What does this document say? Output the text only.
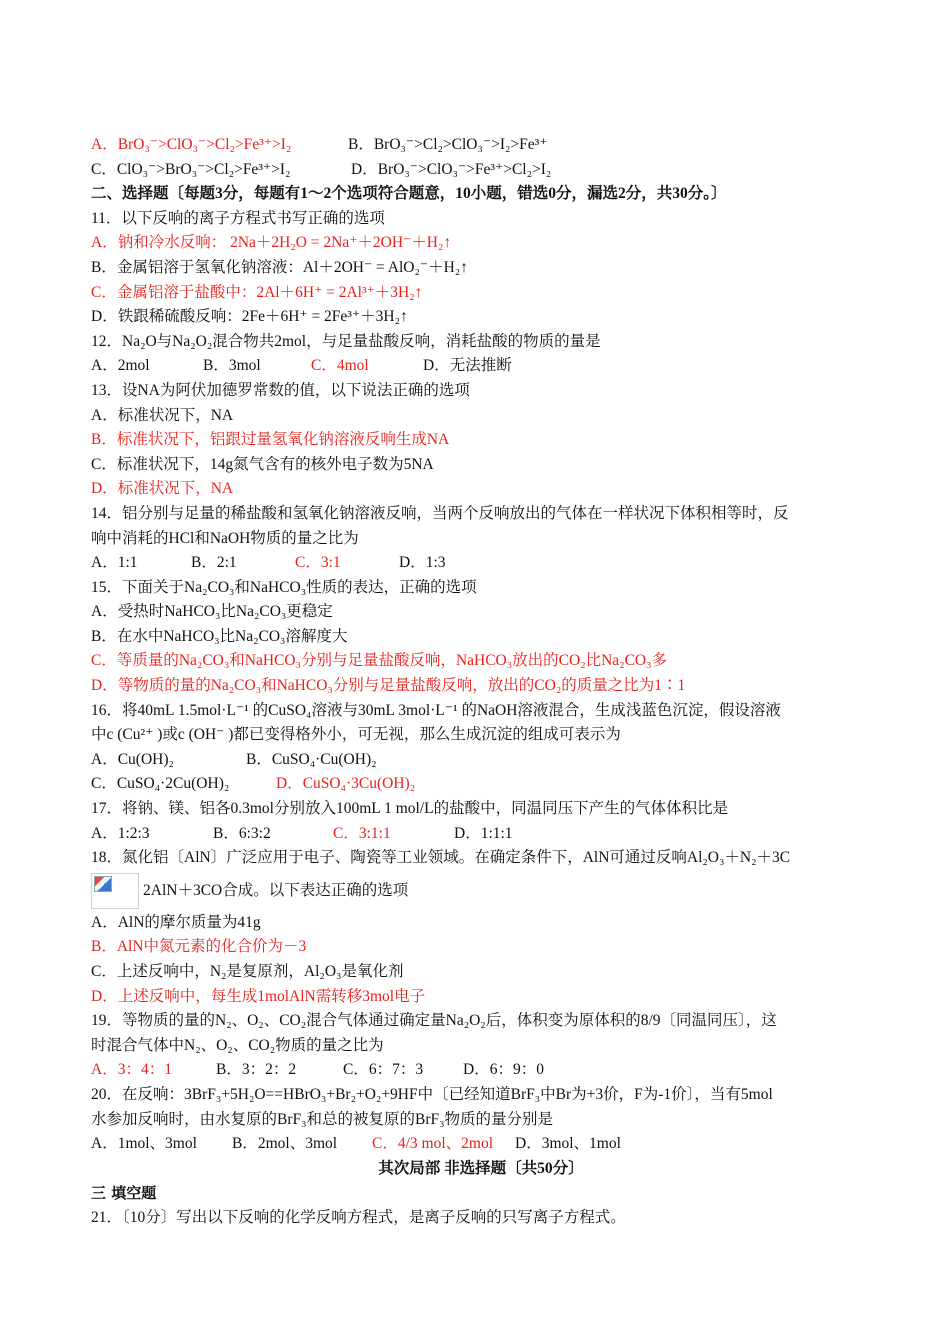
A．BrO₃⁻>ClO₃⁻>Cl₂>Fe³⁺>I₂	B．BrO₃⁻>Cl₂>ClO₃⁻>I₂>Fe³⁺
C．ClO₃⁻>BrO₃⁻>Cl₂>Fe³⁺>I₂	D．BrO₃⁻>ClO₃⁻>Fe³⁺>Cl₂>I₂
二、选择题〔每题3分，每题有1～2个选项符合题意，10小题，错选0分，漏选2分，共30分。〕
11．以下反响的离子方程式书写正确的选项
A．钠和冷水反响： 2Na＋2H₂O = 2Na⁺＋2OH⁻＋H₂↑
B．金属铝溶于氢氧化钠溶液：Al＋2OH⁻ = AlO₂⁻＋H₂↑
C．金属铝溶于盐酸中：2Al＋6H⁺ = 2Al³⁺＋3H₂↑
D．铁跟稀硫酸反响：2Fe＋6H⁺ = 2Fe³⁺＋3H₂↑
12．Na₂O与Na₂O₂混合物共2mol，与足量盐酸反响，消耗盐酸的物质的量是
A．2mol	B．3mol	C．4mol	D．无法推断
13．设NA为阿伏加德罗常数的值，以下说法正确的选项
A．标准状况下，NA
B．标准状况下，铝跟过量氢氧化钠溶液反响生成NA
C．标准状况下，14g氮气含有的核外电子数为5NA
D．标准状况下，NA
14．铝分别与足量的稀盐酸和氢氧化钠溶液反响，当两个反响放出的气体在一样状况下体积相等时，反
响中消耗的HCl和NaOH物质的量之比为
A．1:1	B．2:1	C．3:1	D．1:3
15．下面关于Na₂CO₃和NaHCO₃性质的表达，正确的选项
A．受热时NaHCO₃比Na₂CO₃更稳定
B．在水中NaHCO₃比Na₂CO₃溶解度大
C．等质量的Na₂CO₃和NaHCO₃分别与足量盐酸反响，NaHCO₃放出的CO₂比Na₂CO₃多
D．等物质的量的Na₂CO₃和NaHCO₃分别与足量盐酸反响，放出的CO₂的质量之比为1∶1
16．将40mL 1.5mol·L⁻¹ 的CuSO₄溶液与30mL 3mol·L⁻¹ 的NaOH溶液混合，生成浅蓝色沉淀，假设溶液
中c (Cu²⁺ )或c (OH⁻ )都已变得格外小，可无视，那么生成沉淀的组成可表示为
A．Cu(OH)₂	B．CuSO₄·Cu(OH)₂
C．CuSO₄·2Cu(OH)₂	D．CuSO₄·3Cu(OH)₂
17．将钠、镁、铝各0.3mol分别放入100mL 1 mol/L的盐酸中，同温同压下产生的气体体积比是
A．1:2:3	B．6:3:2	C．3:1:1	D．1:1:1
18．氮化铝〔AlN〕广泛应用于电子、陶瓷等工业领域。在确定条件下，AlN可通过反响Al₂O₃＋N₂＋3C
2AlN＋3CO合成。以下表达正确的选项
A．AlN的摩尔质量为41g
B．AlN中氮元素的化合价为－3
C．上述反响中，N₂是复原剂，Al₂O₃是氧化剂
D．上述反响中，每生成1molAlN需转移3mol电子
19．等物质的量的N₂、O₂、CO₂混合气体通过确定量Na₂O₂后，体积变为原体积的8/9〔同温同压〕，这
时混合气体中N₂、O₂、CO₂物质的量之比为
A．3：4：1	B．3：2：2	C．6：7：3	D．6：9：0
20．在反响：3BrF₃+5H₂O==HBrO₃+Br₂+O₂+9HF中〔已经知道BrF₃中Br为+3价，F为-1价〕，当有5mol
水参加反响时，由水复原的BrF₃和总的被复原的BrF₃物质的量分别是
A．1mol、3mol B．2mol、3mol C．4/3 mol、2mol D．3mol、1mol
其次局部 非选择题〔共50分〕
三 填空题
21．〔10分〕写出以下反响的化学反响方程式，是离子反响的只写离子方程式。
